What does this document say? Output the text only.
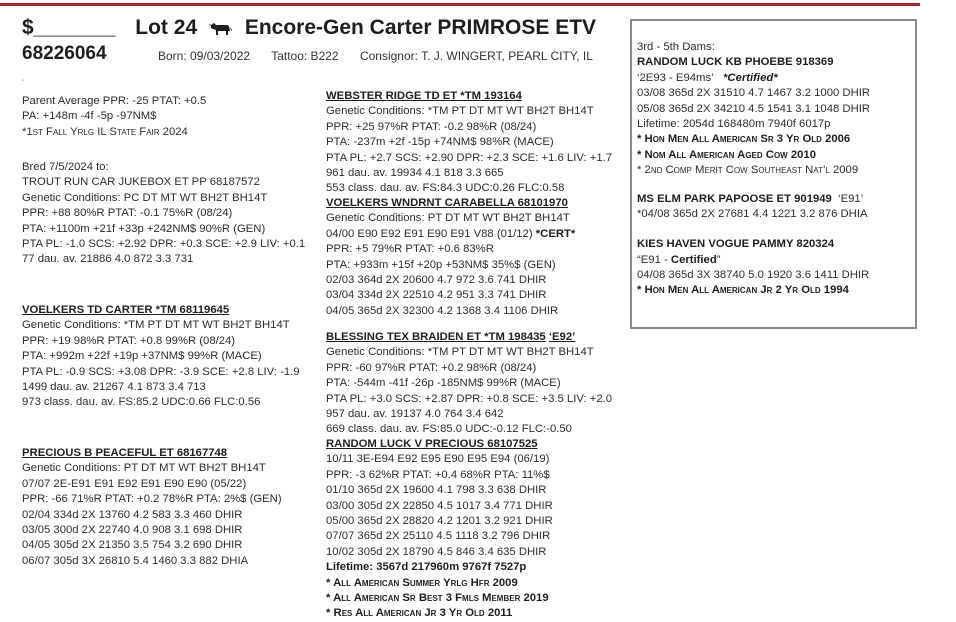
$_______ Lot 24 Encore-Gen Carter PRIMROSE ETV
68226064	Born: 09/03/2022 Tattoo: B222 Consignor: T. J. WINGERT, PEARL CITY, IL
‘
Parent Average PPR: -25 PTAT: +0.5
PA: +148m -4f -5p -97NM$
*1st Fall Yrlg IL State Fair 2024
Bred 7/5/2024 to:
TROUT RUN CAR JUKEBOX ET PP 68187572
Genetic Conditions: PC DT MT WT BH2T BH14T
PPR: +88 80%R PTAT: -0.1 75%R (08/24)
PTA: +1100m +21f +33p +242NM$ 90%R (GEN)
PTA PL: -1.0 SCS: +2.92 DPR: +0.3 SCE: +2.9 LIV: +0.1
77 dau. av. 21886 4.0 872 3.3 731
VOELKERS TD CARTER *TM 68119645
Genetic Conditions: *TM PT DT MT WT BH2T BH14T
PPR: +19 98%R PTAT: +0.8 99%R (08/24)
PTA: +992m +22f +19p +37NM$ 99%R (MACE)
PTA PL: -0.9 SCS: +3.08 DPR: -3.9 SCE: +2.8 LIV: -1.9
1499 dau. av. 21267 4.1 873 3.4 713
973 class. dau. av. FS:85.2 UDC:0.66 FLC:0.56
PRECIOUS B PEACEFUL ET 68167748
Genetic Conditions: PT DT MT WT BH2T BH14T
07/07 2E-E91 E91 E92 E91 E90 E90 (05/22)
PPR: -66 71%R PTAT: +0.2 78%R PTA: 2%$ (GEN)
02/04 334d 2X 13760 4.2 583 3.3 460 DHIR
03/05 300d 2X 22740 4.0 908 3.1 698 DHIR
04/05 305d 2X 21350 3.5 754 3.2 690 DHIR
06/07 305d 3X 26810 5.4 1460 3.3 882 DHIA
WEBSTER RIDGE TD ET *TM 193164
Genetic Conditions: *TM PT DT MT WT BH2T BH14T
PPR: +25 97%R PTAT: -0.2 98%R (08/24)
PTA: -237m +2f -15p +74NM$ 98%R (MACE)
PTA PL: +2.7 SCS: +2.90 DPR: +2.3 SCE: +1.6 LIV: +1.7
961 dau. av. 19934 4.1 818 3.3 665
553 class. dau. av. FS:84.3 UDC:0.26 FLC:0.58
VOELKERS WNDRNT CARABELLA 68101970
Genetic Conditions: PT DT MT WT BH2T BH14T
04/00 E90 E92 E91 E90 E91 V88 (01/12) *CERT*
PPR: +5 79%R PTAT: +0.6 83%R
PTA: +933m +15f +20p +53NM$ 35%$ (GEN)
02/03 364d 2X 20600 4.7 972 3.6 741 DHIR
03/04 334d 2X 22510 4.2 951 3.3 741 DHIR
04/05 365d 2X 32300 4.2 1368 3.4 1106 DHIR
BLESSING TEX BRAIDEN ET *TM 198435 ‘E92’
Genetic Conditions: *TM PT DT MT WT BH2T BH14T
PPR: -60 97%R PTAT: +0.2 98%R (08/24)
PTA: -544m -41f -26p -185NM$ 99%R (MACE)
PTA PL: +3.0 SCS: +2.87 DPR: +0.8 SCE: +3.5 LIV: +2.0
957 dau. av. 19137 4.0 764 3.4 642
669 class. dau. av. FS:85.0 UDC:-0.12 FLC:-0.50
RANDOM LUCK V PRECIOUS 68107525
10/11 3E-E94 E92 E95 E90 E95 E94 (06/19)
PPR: -3 62%R PTAT: +0.4 68%R PTA: 11%$
01/10 365d 2X 19600 4.1 798 3.3 638 DHIR
03/00 305d 2X 22850 4.5 1017 3.4 771 DHIR
05/00 365d 2X 28820 4.2 1201 3.2 921 DHIR
07/07 365d 2X 25110 4.5 1118 3.2 796 DHIR
10/02 305d 2X 18790 4.5 846 3.4 635 DHIR
Lifetime: 3567d 217960m 9767f 7527p
* All American Summer Yrlg Hfr 2009
* All American Sr Best 3 Fmls Member 2019
* Res All American Jr 3 Yr Old 2011
3rd - 5th Dams:
RANDOM LUCK KB PHOEBE 918369
‘2E93 - E94ms’ *Certified*
03/08 365d 2X 31510 4.7 1467 3.2 1000 DHIR
05/08 365d 2X 34210 4.5 1541 3.1 1048 DHIR
Lifetime: 2054d 168480m 7940f 6017p
* Hon Men All American Sr 3 Yr Old 2006
* Nom All American Aged Cow 2010
* 2nd Comp Merit Cow Southeast Nat’l 2009
MS ELM PARK PAPOOSE ET 901949 ‘E91’
*04/08 365d 2X 27681 4.4 1221 3.2 876 DHIA
KIES HAVEN VOGUE PAMMY 820324
“E91 - Certified”
04/08 365d 3X 38740 5.0 1920 3.6 1411 DHIR
* Hon Men All American Jr 2 Yr Old 1994
